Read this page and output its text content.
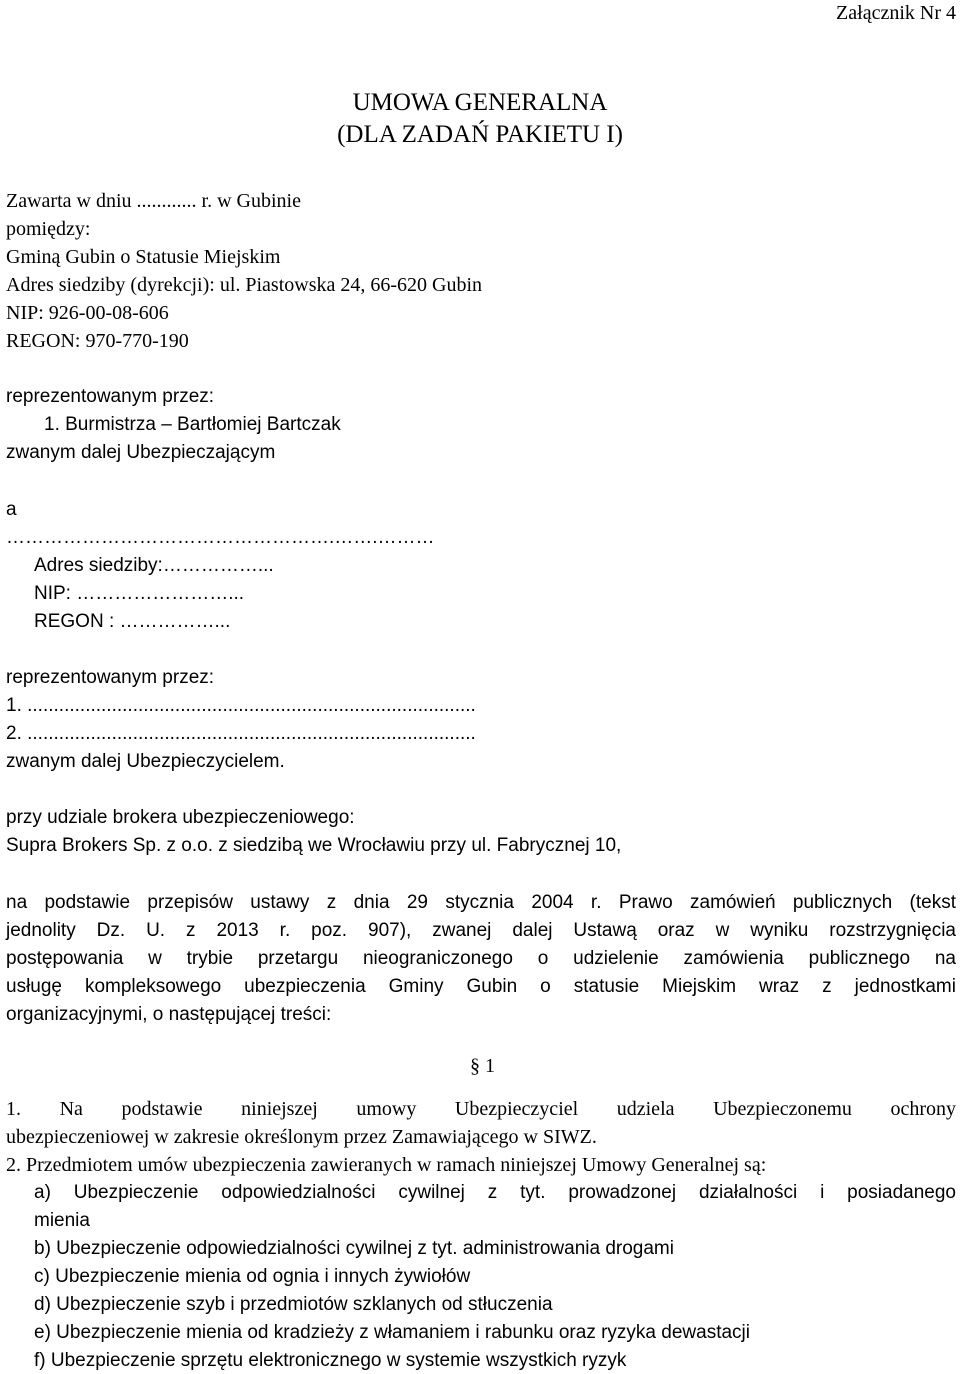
Załącznik Nr 4
UMOWA GENERALNA
(DLA ZADAŃ PAKIETU I)
Zawarta w dniu ............ r. w Gubinie
pomiędzy:
Gminą Gubin o Statusie Miejskim
Adres siedziby (dyrekcji): ul. Piastowska 24, 66-620 Gubin
NIP: 926-00-08-606
REGON: 970-770-190
reprezentowanym przez:
1. Burmistrza – Bartłomiej Bartczak
zwanym dalej Ubezpieczającym
a
…………………………………………….…….………
Adres siedziby:……………...
NIP: ……………………...
REGON : ……………...
reprezentowanym przez:
1. .....................................................................................
2. .....................................................................................
zwanym dalej Ubezpieczycielem.
przy udziale brokera ubezpieczeniowego:
Supra Brokers Sp. z o.o. z siedzibą we Wrocławiu przy ul. Fabrycznej 10,
na podstawie przepisów ustawy z dnia 29 stycznia 2004 r. Prawo zamówień publicznych (tekst
jednolity Dz. U. z 2013 r. poz. 907), zwanej dalej Ustawą oraz w wyniku rozstrzygnięcia
postępowania w trybie przetargu nieograniczonego o udzielenie zamówienia publicznego na
usługę kompleksowego ubezpieczenia Gminy Gubin o statusie Miejskim wraz z jednostkami
organizacyjnymi, o następującej treści:
§ 1
1. Na podstawie niniejszej umowy Ubezpieczyciel udziela Ubezpieczonemu ochrony
ubezpieczeniowej w zakresie określonym przez Zamawiającego w SIWZ.
2. Przedmiotem umów ubezpieczenia zawieranych w ramach niniejszej Umowy Generalnej są:
a) Ubezpieczenie odpowiedzialności cywilnej z tyt. prowadzonej działalności i posiadanego
mienia
b) Ubezpieczenie odpowiedzialności cywilnej z tyt. administrowania drogami
c) Ubezpieczenie mienia od ognia i innych żywiołów
d) Ubezpieczenie szyb i przedmiotów szklanych od stłuczenia
e) Ubezpieczenie mienia od kradzieży z włamaniem i rabunku oraz ryzyka dewastacji
f) Ubezpieczenie sprzętu elektronicznego w systemie wszystkich ryzyk
